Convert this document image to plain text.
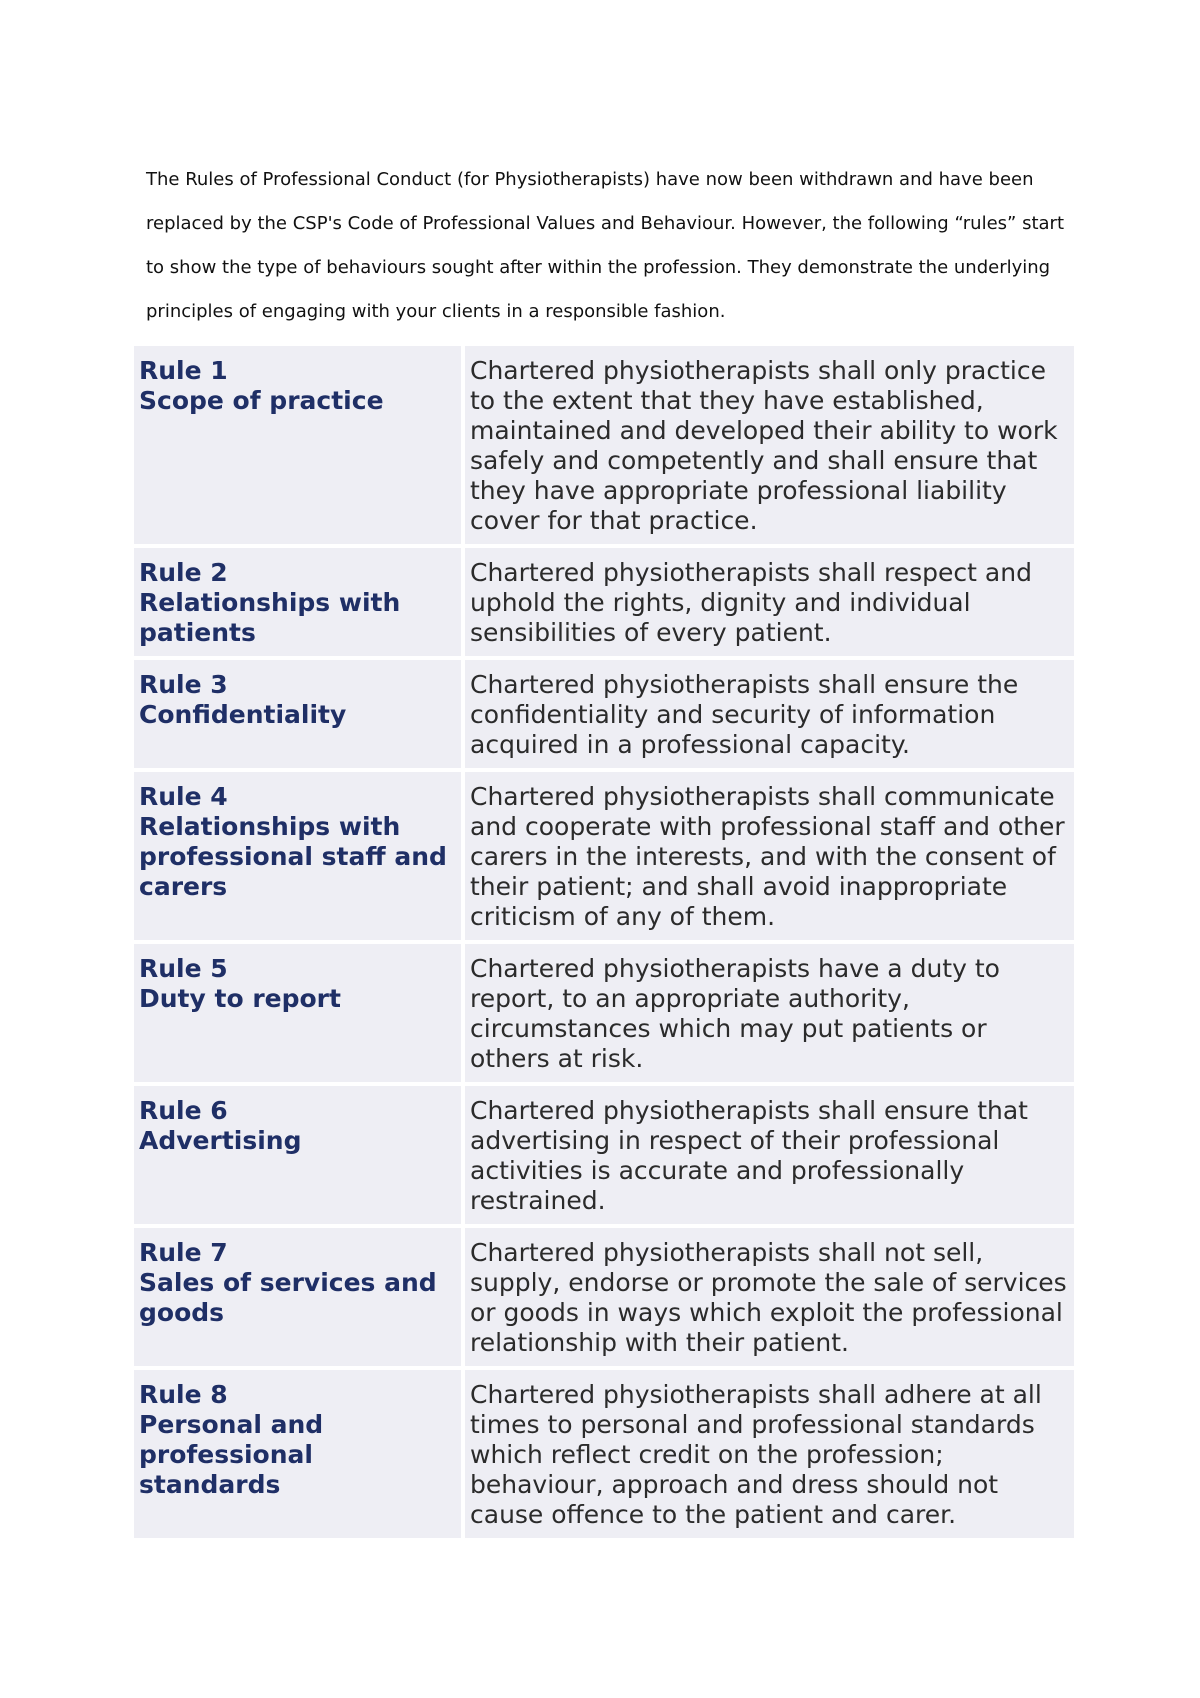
The Rules of Professional Conduct (for Physiotherapists) have now been withdrawn and have been replaced by the CSP's Code of Professional Values and Behaviour. However, the following “rules” start to show the type of behaviours sought after within the profession. They demonstrate the underlying principles of engaging with your clients in a responsible fashion.

Rule 1
Scope of practice	Chartered physiotherapists shall only practice to the extent that they have established, maintained and developed their ability to work safely and competently and shall ensure that they have appropriate professional liability cover for that practice.

Rule 2
Relationships with patients	Chartered physiotherapists shall respect and uphold the rights, dignity and individual sensibilities of every patient.

Rule 3
Confidentiality	Chartered physiotherapists shall ensure the confidentiality and security of information acquired in a professional capacity.

Rule 4
Relationships with professional staff and carers	Chartered physiotherapists shall communicate and cooperate with professional staff and other carers in the interests, and with the consent of their patient; and shall avoid inappropriate criticism of any of them.

Rule 5
Duty to report	Chartered physiotherapists have a duty to report, to an appropriate authority, circumstances which may put patients or others at risk.

Rule 6
Advertising	Chartered physiotherapists shall ensure that advertising in respect of their professional activities is accurate and professionally restrained.

Rule 7
Sales of services and goods	Chartered physiotherapists shall not sell, supply, endorse or promote the sale of services or goods in ways which exploit the professional relationship with their patient.

Rule 8
Personal and professional standards	Chartered physiotherapists shall adhere at all times to personal and professional standards which reflect credit on the profession; behaviour, approach and dress should not cause offence to the patient and carer.
